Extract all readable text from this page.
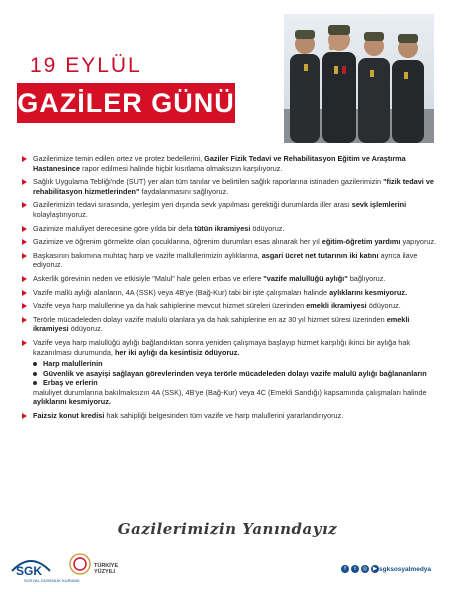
19 EYLÜL
GAZİLER GÜNÜ
Gazilerimize temin edilen ortez ve protez bedellerini, Gaziler Fizik Tedavi ve Rehabilitasyon Eğitim ve Araştırma Hastanesince rapor edilmesi halinde hiçbir kısıtlama olmaksızın karşılıyoruz.
Sağlık Uygulama Tebliği'nde (SUT) yer alan tüm tanılar ve belirtilen sağlık raporlarına istinaden gazilerimizin "fizik tedavi ve rehabilitasyon hizmetlerinden" faydalanmasını sağlıyoruz.
Gazilerimizin tedavi sırasında, yerleşim yeri dışında sevk yapılması gerektiği durumlarda iller arası sevk işlemlerini kolaylaştırıyoruz.
Gazimize maluliyet derecesine göre yılda bir defa tütün ikramiyesi ödüyoruz.
Gazimize ve öğrenim görmekte olan çocuklarına, öğrenim durumları esas alınarak her yıl eğitim-öğretim yardımı yapıyoruz.
Başkasının bakımına muhtaç harp ve vazife mallullerimizin aylıklarına, asgari ücret net tutarının iki katını ayrıca ilave ediyoruz.
Askerlik görevinin neden ve etkisiyle "Malul" hale gelen erbas ve erlere "vazife malullüğü aylığı" bağlıyoruz.
Vazife mallü aylığı alanların, 4A (SSK) veya 4B'ye (Bağ-Kur) tabi bir işte çalışmaları halinde aylıklarını kesmiyoruz.
Vazife veya harp malullerine ya da hak sahiplerine mevcut hizmet süreleri üzerinden emekli ikramiyesi ödüyoruz.
Terörle mücadeleden dolayı vazife malulü olanlara ya da hak sahiplerine en az 30 yıl hizmet süresi üzerinden emekli ikramiyesi ödüyoruz.
Vazife veya harp malullüğü aylığı bağlandıktan sonra yeniden çalışmaya başlayıp hizmet karşılığı ikinci bir aylığa hak kazanılması durumunda, her iki aylığı da kesintisiz ödüyoruz.
Harp malullerinin
Güvenlik ve asayişi sağlayan görevlerinden veya terörle mücadeleden dolayı vazife malulü aylığı bağlananların
Erbaş ve erlerin
maluliyet durumlarına bakılmaksızın 4A (SSK), 4B'ye (Bağ-Kur) veya 4C (Emekli Sandığı) kapsamında çalışmaları halinde aylıklarını kesmiyoruz.
Faizsiz konut kredisi hak sahipliği belgesinden tüm vazife ve harp malullerini yararlandırıyoruz.
Gazilerimizin Yanındayız
SGK
SOSYAL GÜVENLİK KURUMU
TÜRKİYE
YÜZYILI	f	t	◎ ▶ sgksosyalmedya
